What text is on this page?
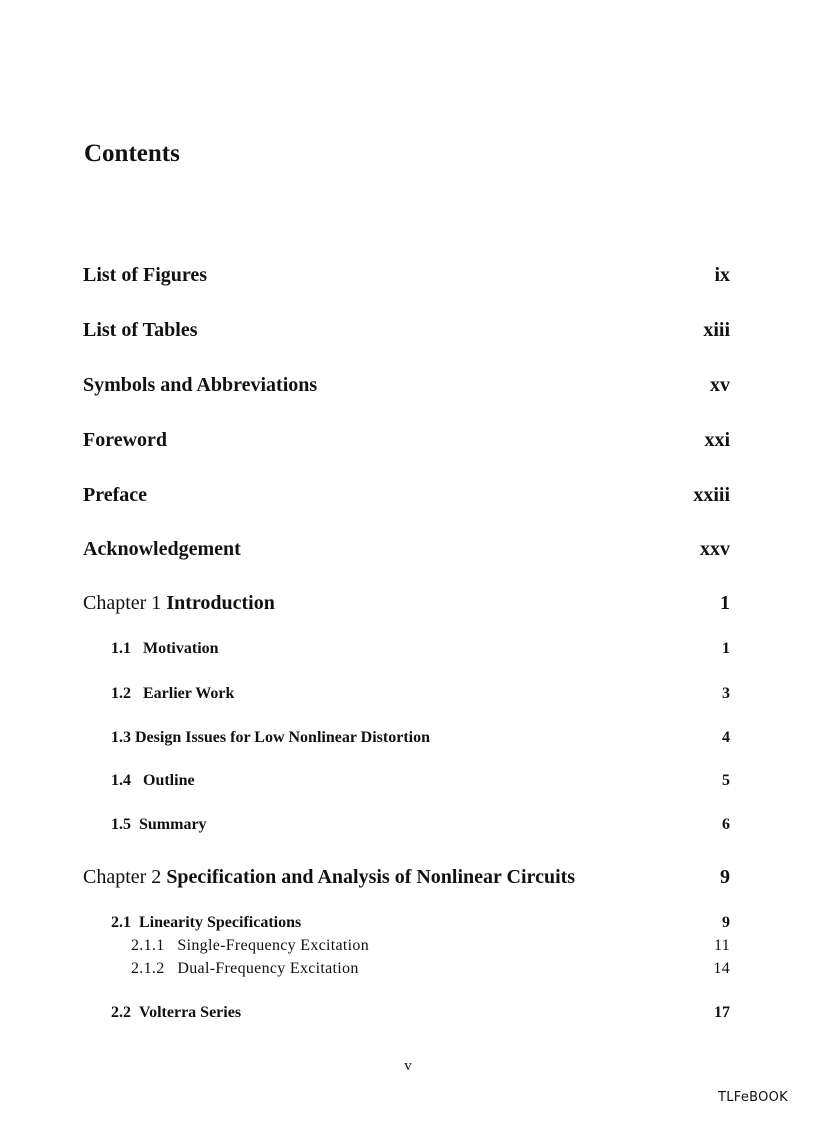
Contents
List of Figures	ix
List of Tables	xiii
Symbols and Abbreviations	xv
Foreword	xxi
Preface	xxiii
Acknowledgement	xxv
Chapter 1 Introduction	1
1.1 Motivation	1
1.2 Earlier Work	3
1.3 Design Issues for Low Nonlinear Distortion	4
1.4 Outline	5
1.5 Summary	6
Chapter 2 Specification and Analysis of Nonlinear Circuits	9
2.1 Linearity Specifications	9
2.1.1 Single-Frequency Excitation	11
2.1.2 Dual-Frequency Excitation	14
2.2 Volterra Series	17
v
TLFeBOOK
